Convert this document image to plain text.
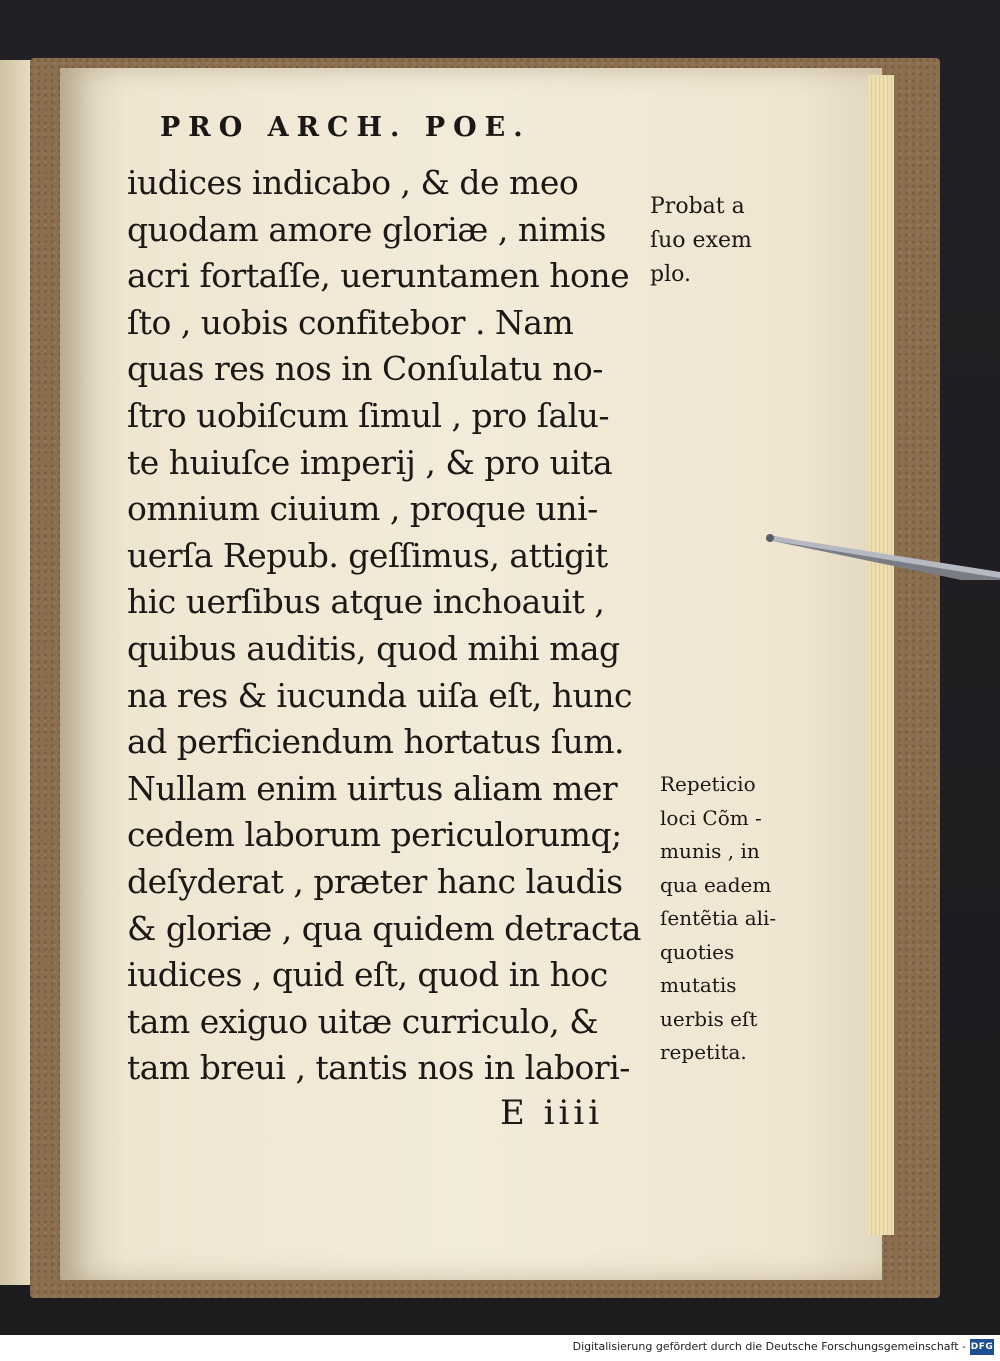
PRO ARCH. POE.
iudices indicabo , & de meo
quodam amore gloriæ , nimis
acri fortaſſe, ueruntamen hone
ſto , uobis confitebor . Nam
quas res nos in Conſulatu no-
ſtro uobiſcum ſimul , pro ſalu-
te huiuſce imperij , & pro uita
omnium ciuium , proque uni-
uerſa Repub. geſſimus, attigit
hic uerſibus atque inchoauit ,
quibus auditis, quod mihi mag
na res & iucunda uiſa eſt, hunc
ad perficiendum hortatus ſum.
Nullam enim uirtus aliam mer
cedem laborum periculorumq;
deſyderat , præter hanc laudis
& gloriæ , qua quidem detracta
iudices , quid eſt, quod in hoc
tam exiguo uitæ curriculo, &
tam breui , tantis nos in labori-
Probat a
ſuo exem
plo.
Repeticio
loci Cõm -
munis , in
qua eadem
ſentẽtia ali-
quoties
mutatis
uerbis eſt
repetita.
E iiii
Digitalisierung gefördert durch die Deutsche Forschungsgemeinschaft - DFG
